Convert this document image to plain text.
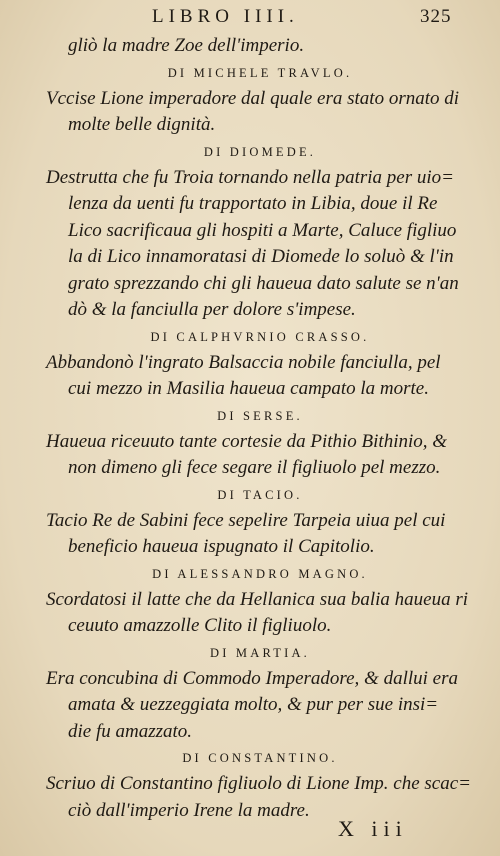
LIBRO IIII.	325
gliò la madre Zoe dell'imperio.
DI MICHELE TRAVLO.
Vccise Lione imperadore dal quale era stato ornato di
molte belle dignità.
DI DIOMEDE.
Destrutta che fu Troia tornando nella patria per uio=
lenza da uenti fu trapportato in Libia, doue il Re
Lico sacrificaua gli hospiti a Marte, Caluce figliuo
la di Lico innamoratasi di Diomede lo soluò & l'in
grato sprezzando chi gli haueua dato salute se n'an
dò & la fanciulla per dolore s'impese.
DI CALPHVRNIO CRASSO.
Abbandonò l'ingrato Balsaccia nobile fanciulla, pel
cui mezzo in Masilia haueua campato la morte.
DI SERSE.
Haueua riceuuto tante cortesie da Pithio Bithinio, &
non dimeno gli fece segare il figliuolo pel mezzo.
DI TACIO.
Tacio Re de Sabini fece sepelire Tarpeia uiua pel cui
beneficio haueua ispugnato il Capitolio.
DI ALESSANDRO MAGNO.
Scordatosi il latte che da Hellanica sua balia haueua ri
ceuuto amazzolle Clito il figliuolo.
DI MARTIA.
Era concubina di Commodo Imperadore, & dallui era
amata & uezzeggiata molto, & pur per sue insi=
die fu amazzato.
DI CONSTANTINO.
Scriuo di Constantino figliuolo di Lione Imp. che scac=
ciò dall'imperio Irene la madre.
X iii
